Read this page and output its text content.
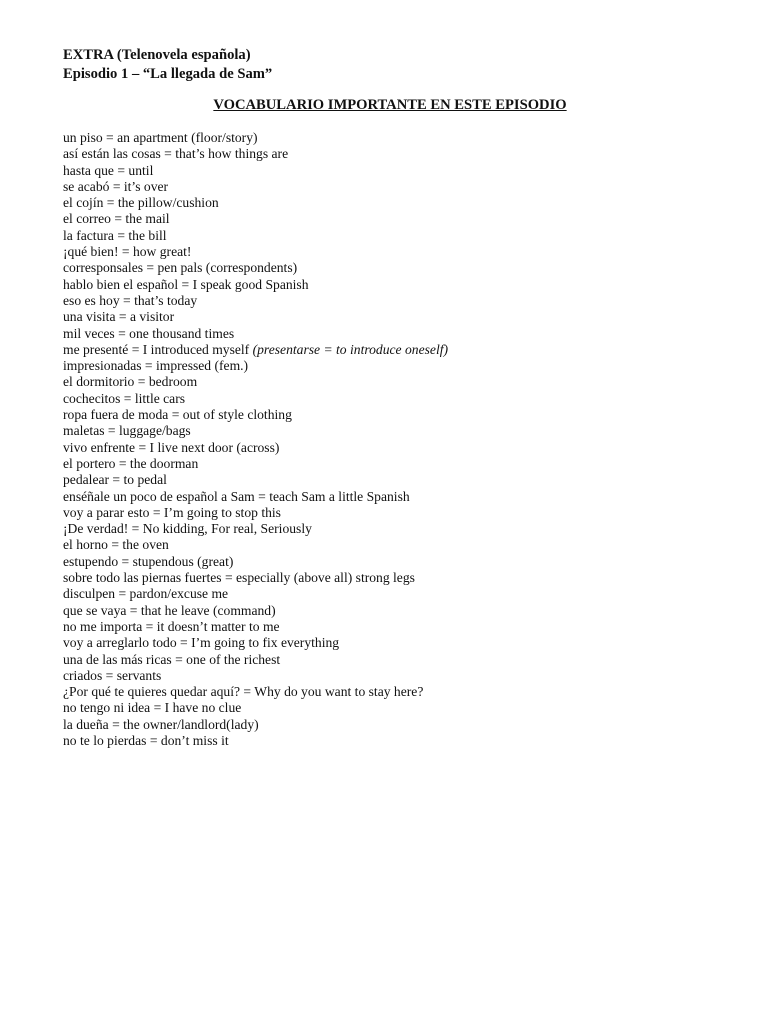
EXTRA (Telenovela española)
Episodio 1 – “La llegada de Sam”
VOCABULARIO IMPORTANTE EN ESTE EPISODIO
un piso = an apartment (floor/story)
así están las cosas = that’s how things are
hasta que = until
se acabó = it’s over
el cojín = the pillow/cushion
el correo = the mail
la factura = the bill
¡qué bien! = how great!
corresponsales = pen pals (correspondents)
hablo bien el español = I speak good Spanish
eso es hoy = that’s today
una visita = a visitor
mil veces = one thousand times
me presenté = I introduced myself (presentarse = to introduce oneself)
impresionadas = impressed (fem.)
el dormitorio = bedroom
cochecitos = little cars
ropa fuera de moda = out of style clothing
maletas = luggage/bags
vivo enfrente = I live next door (across)
el portero = the doorman
pedalear = to pedal
enséñale un poco de español a Sam = teach Sam a little Spanish
voy a parar esto = I’m going to stop this
¡De verdad! = No kidding, For real, Seriously
el horno = the oven
estupendo = stupendous (great)
sobre todo las piernas fuertes = especially (above all) strong legs
disculpen = pardon/excuse me
que se vaya = that he leave (command)
no me importa = it doesn’t matter to me
voy a arreglarlo todo = I’m going to fix everything
una de las más ricas = one of the richest
criados = servants
¿Por qué te quieres quedar aquí? = Why do you want to stay here?
no tengo ni idea = I have no clue
la dueña = the owner/landlord(lady)
no te lo pierdas = don’t miss it
